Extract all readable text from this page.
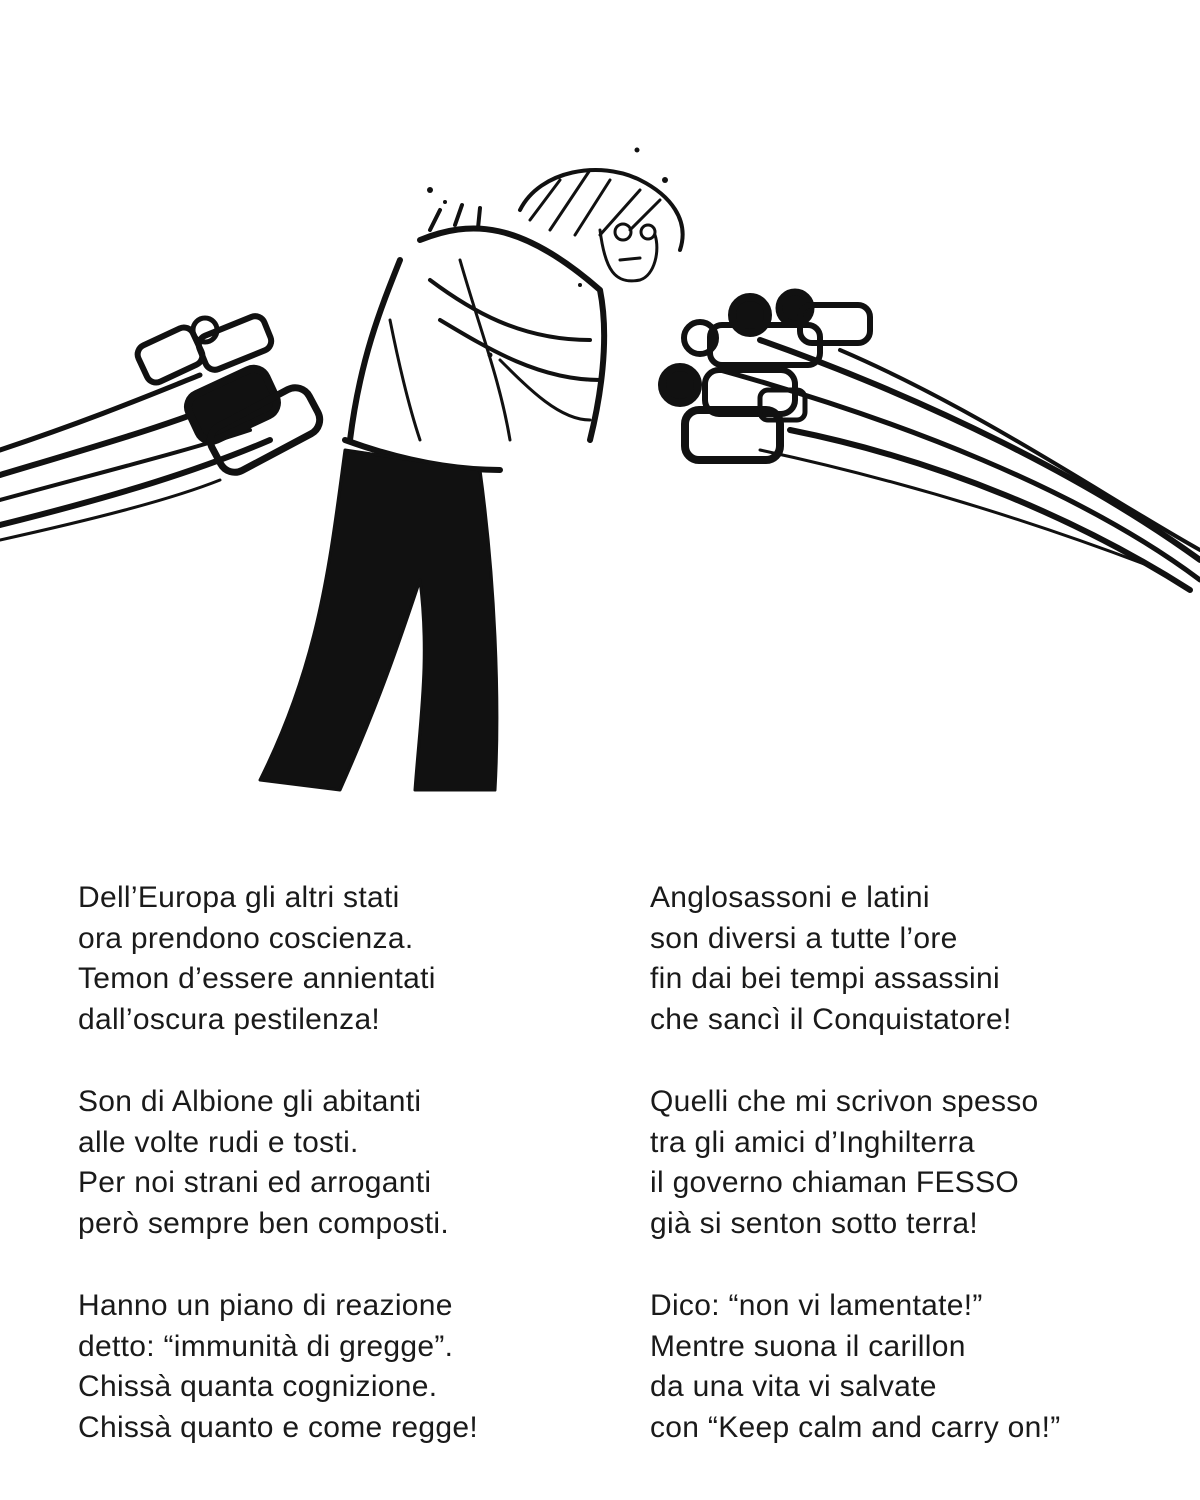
Dell’Europa gli altri stati
ora prendono coscienza.
Temon d’essere annientati
dall’oscura pestilenza!
Son di Albione gli abitanti
alle volte rudi e tosti.
Per noi strani ed arroganti
però sempre ben composti.
Hanno un piano di reazione
detto: “immunità di gregge”.
Chissà quanta cognizione.
Chissà quanto e come regge!
Anglosassoni e latini
son diversi a tutte l’ore
fin dai bei tempi assassini
che sancì il Conquistatore!
Quelli che mi scrivon spesso
tra gli amici d’Inghilterra
il governo chiaman FESSO
già si senton sotto terra!
Dico: “non vi lamentate!”
Mentre suona il carillon
da una vita vi salvate
con “Keep calm and carry on!”
